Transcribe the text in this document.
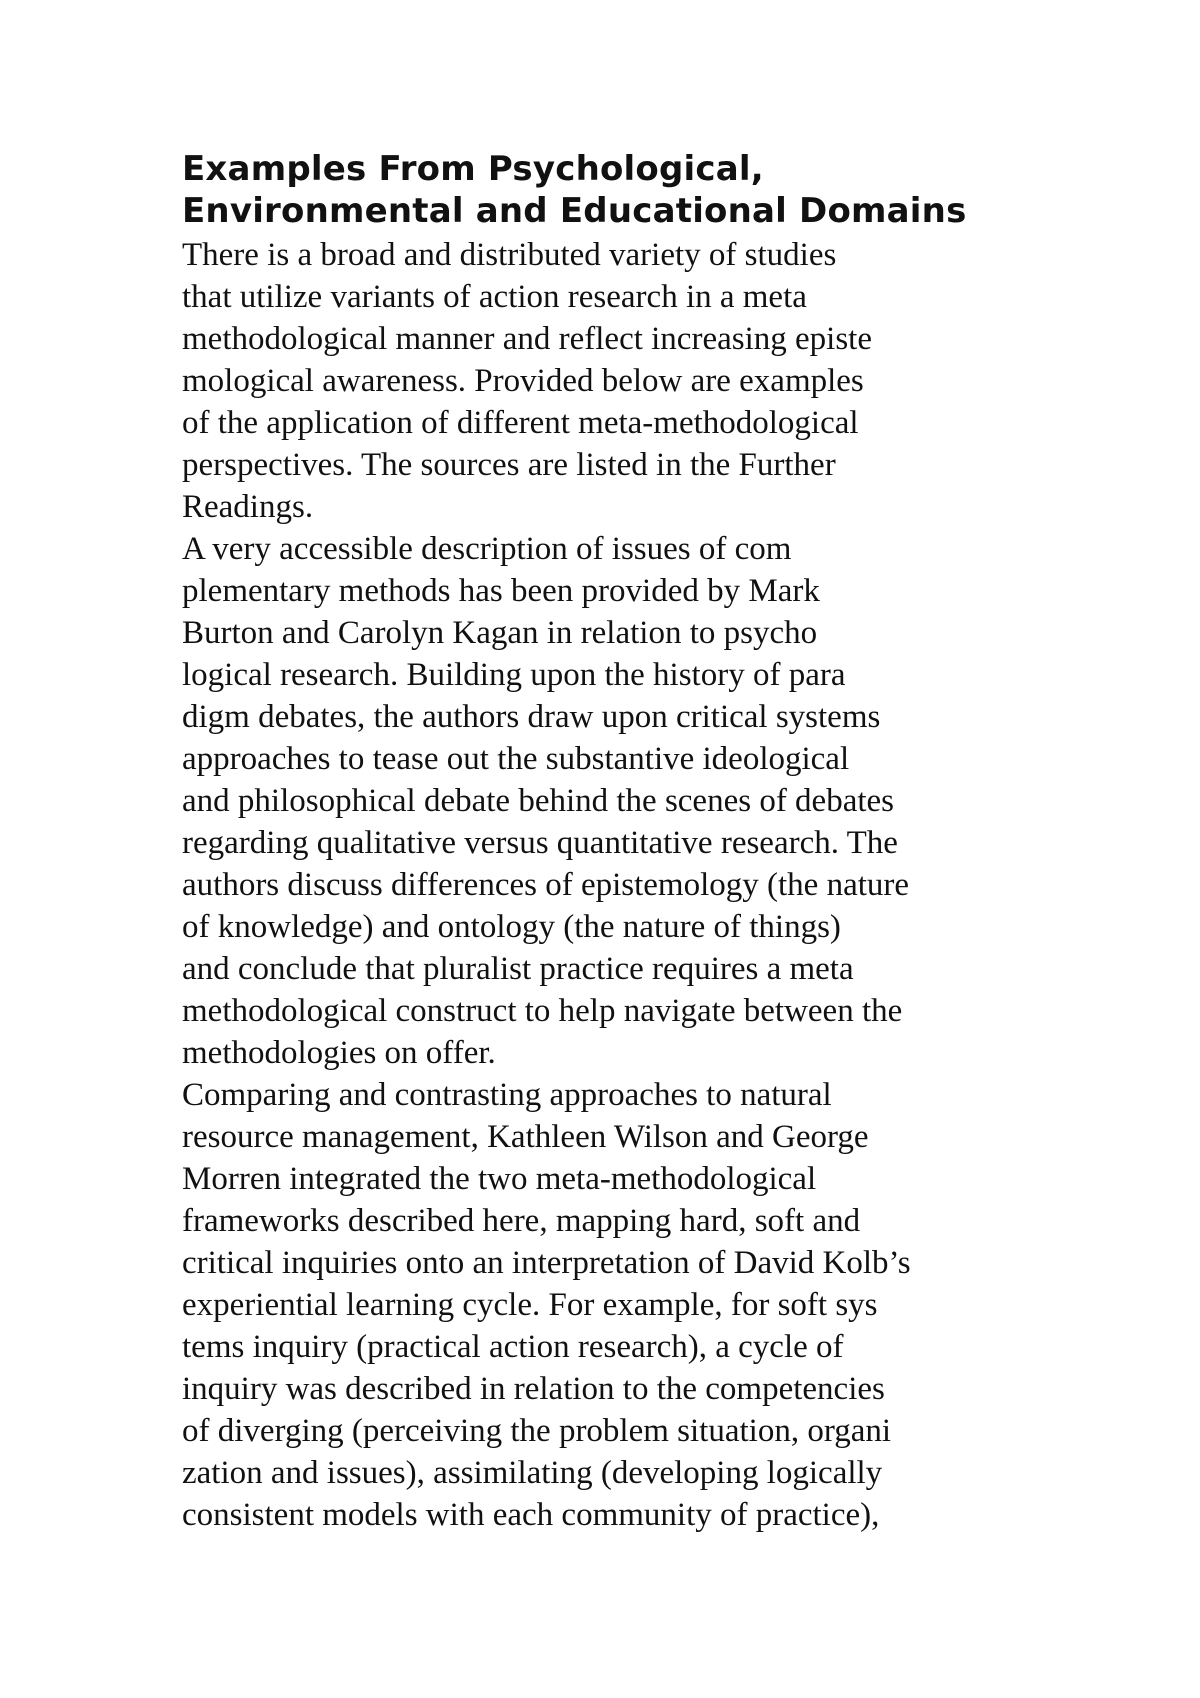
Examples From Psychological,
Environmental and Educational Domains

There is a broad and distributed variety of studies
that utilize variants of action research in a meta
methodological manner and reflect increasing episte
mological awareness. Provided below are examples
of the application of different meta-methodological
perspectives. The sources are listed in the Further
Readings.

A very accessible description of issues of com
plementary methods has been provided by Mark
Burton and Carolyn Kagan in relation to psycho
logical research. Building upon the history of para
digm debates, the authors draw upon critical systems
approaches to tease out the substantive ideological
and philosophical debate behind the scenes of debates
regarding qualitative versus quantitative research. The
authors discuss differences of epistemology (the nature
of knowledge) and ontology (the nature of things)
and conclude that pluralist practice requires a meta
methodological construct to help navigate between the
methodologies on offer.

Comparing and contrasting approaches to natural
resource management, Kathleen Wilson and George
Morren integrated the two meta-methodological
frameworks described here, mapping hard, soft and
critical inquiries onto an interpretation of David Kolb’s
experiential learning cycle. For example, for soft sys
tems inquiry (practical action research), a cycle of
inquiry was described in relation to the competencies
of diverging (perceiving the problem situation, organi
zation and issues), assimilating (developing logically
consistent models with each community of practice),
